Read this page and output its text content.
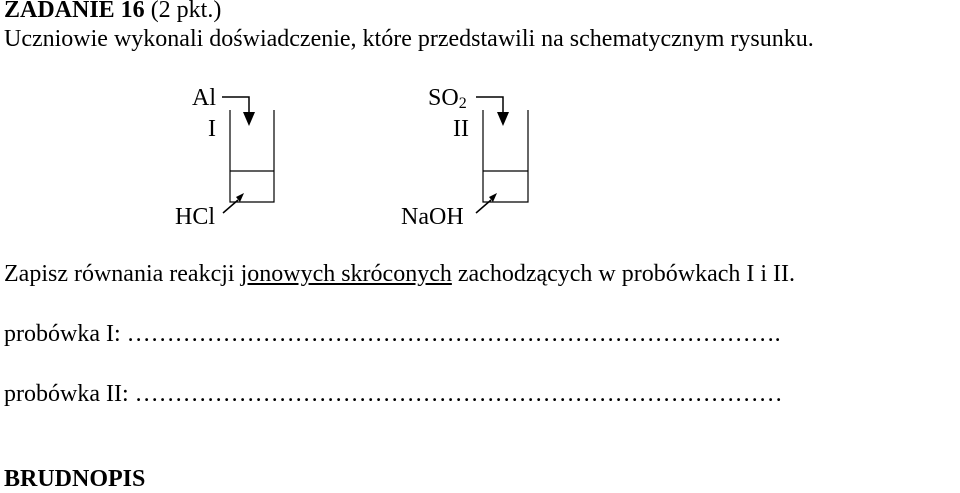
ZADANIE 16 (2 pkt.)
Uczniowie wykonali doświadczenie, które przedstawili na schematycznym rysunku.
Al
I
HCl
$SO_2$
II
NaOH
Zapisz równania reakcji jonowych skróconych zachodzących w probówkach I i II.
probówka I: ……………………………………………………………………….
probówka II: ………………………………………………………………………
BRUDNOPIS
